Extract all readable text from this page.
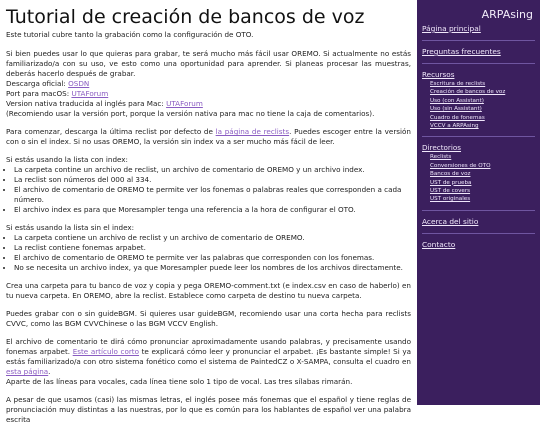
Tutorial de creación de bancos de voz
Este tutorial cubre tanto la grabación como la configuración de OTO.

Si bien puedes usar lo que quieras para grabar, te será mucho más fácil usar OREMO. Si actualmente no estás familiarizado/a con su uso, ve esto como una oportunidad para aprender. Si planeas procesar las muestras, deberás hacerlo después de grabar.
Descarga oficial: OSDN
Port para macOS: UTAForum
Version nativa traducida al inglés para Mac: UTAForum
(Recomiendo usar la versión port, porque la versión nativa para mac no tiene la caja de comentarios).

Para comenzar, descarga la última reclist por defecto de la página de reclists. Puedes escoger entre la versión con o sin el index. Si no usas OREMO, la versión sin index va a ser mucho más fácil de leer.

Si estás usando la lista con index:

• La carpeta contine un archivo de reclist, un archivo de comentario de OREMO y un archivo index.
• La reclist son números del 000 al 334.
• El archivo de comentario de OREMO te permite ver los fonemas o palabras reales que corresponden a cada número.
• El archivo index es para que Moresampler tenga una referencia a la hora de configurar el OTO.

Si estás usando la lista sin el index:

• La carpeta contiene un archivo de reclist y un archivo de comentario de OREMO.
• La reclist contiene fonemas arpabet.
• El archivo de comentario de OREMO te permite ver las palabras que corresponden con los fonemas.
• No se necesita un archivo index, ya que Moresampler puede leer los nombres de los archivos directamente.

Crea una carpeta para tu banco de voz y copia y pega OREMO-comment.txt (e index.csv en caso de haberlo) en tu nueva carpeta. En OREMO, abre la reclist. Establece como carpeta de destino tu nueva carpeta.

Puedes grabar con o sin guideBGM. Si quieres usar guideBGM, recomiendo usar una corta hecha para reclists CVVC, como las BGM CVVChinese o las BGM VCCV English.

El archivo de comentario te dirá cómo pronunciar aproximadamente usando palabras, y precisamente usando fonemas arpabet. Este artículo corto te explicará cómo leer y pronunciar el arpabet. ¡Es bastante simple! Si ya estás familiarizado/a con otro sistema fonético como el sistema de PaintedCZ o X-SAMPA, consulta el cuadro en esta página.

Aparte de las líneas para vocales, cada línea tiene solo 1 tipo de vocal. Las tres sílabas rimarán.

A pesar de que usamos (casi) las mismas letras, el inglés posee más fonemas que el español y tiene reglas de pronunciación muy distintas a las nuestras, por lo que es común para los hablantes de español ver una palabra escrita

ARPAsing
Página principal
Preguntas frecuentes
Recursos
Escritura de reclists
Creación de bancos de voz
Uso (con Assistant)
Uso (sin Assistant)
Cuadro de fonemas
VCCV a ARPAsing
Directorios
Reclists
Conversiones de OTO
Bancos de voz
UST de prueba
UST de covers
UST originales
Acerca del sitio
Contacto
